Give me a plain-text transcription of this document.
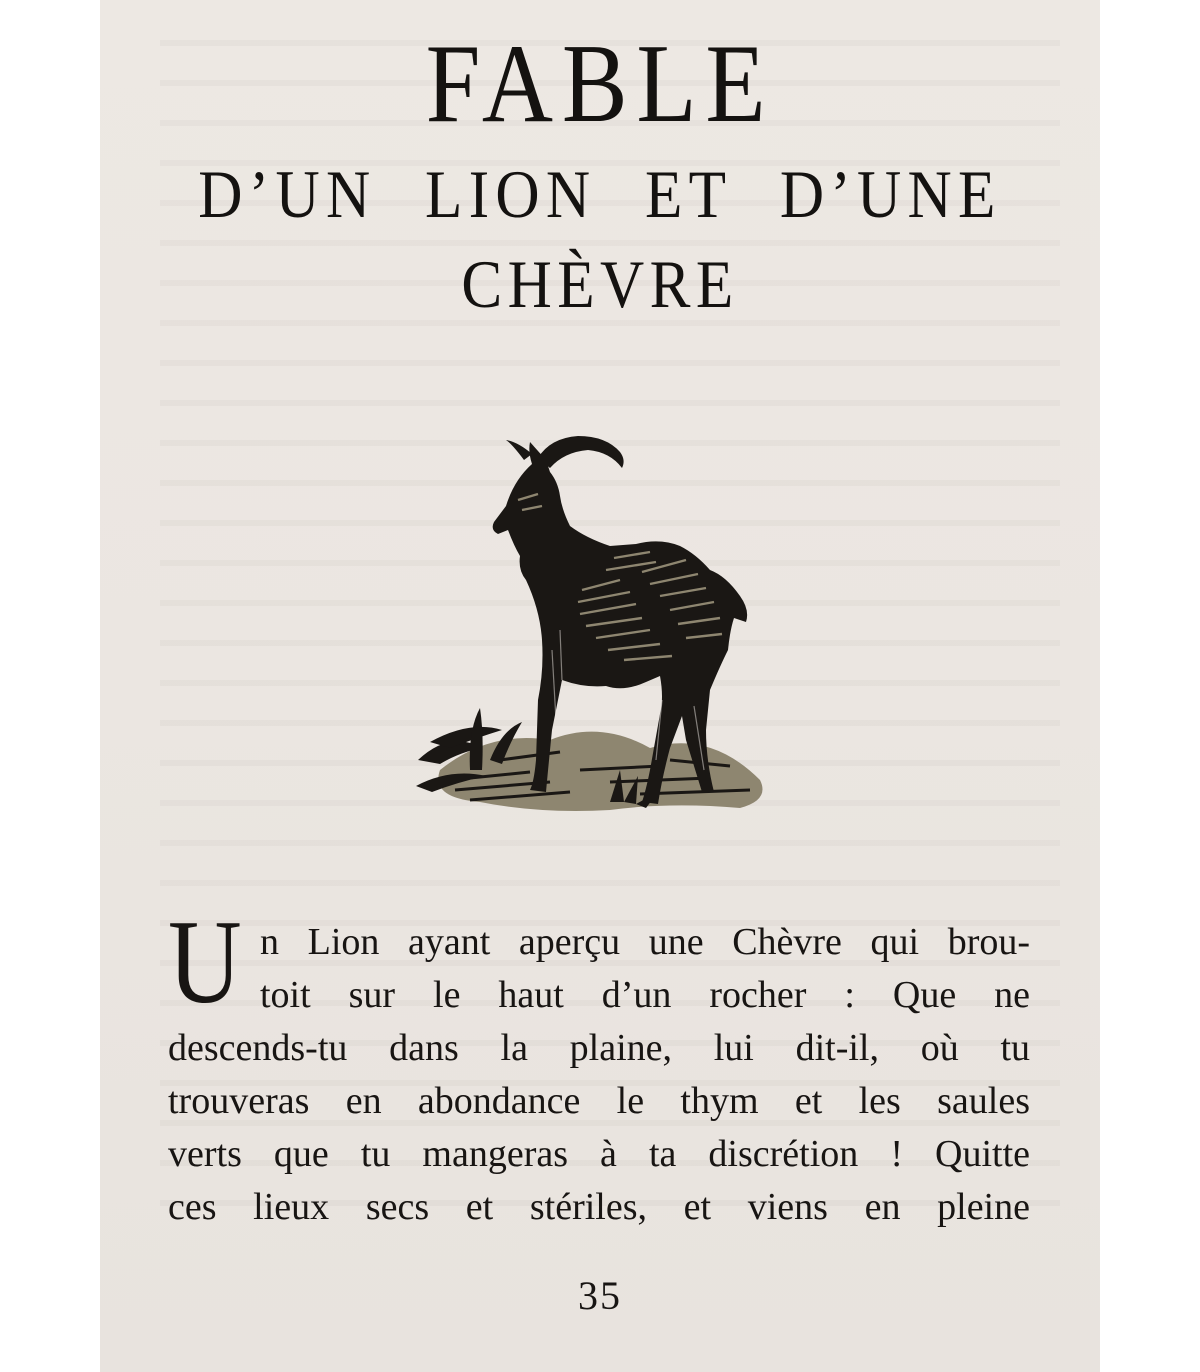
FABLE
D’UN LION ET D’UNE
CHÈVRE
U n Lion ayant aperçu une Chèvre qui brou-
toit sur le haut d’un rocher : Que ne
descends-tu dans la plaine, lui dit-il, où tu
trouveras en abondance le thym et les saules
verts que tu mangeras à ta discrétion ! Quitte
ces lieux secs et stériles, et viens en pleine
35
